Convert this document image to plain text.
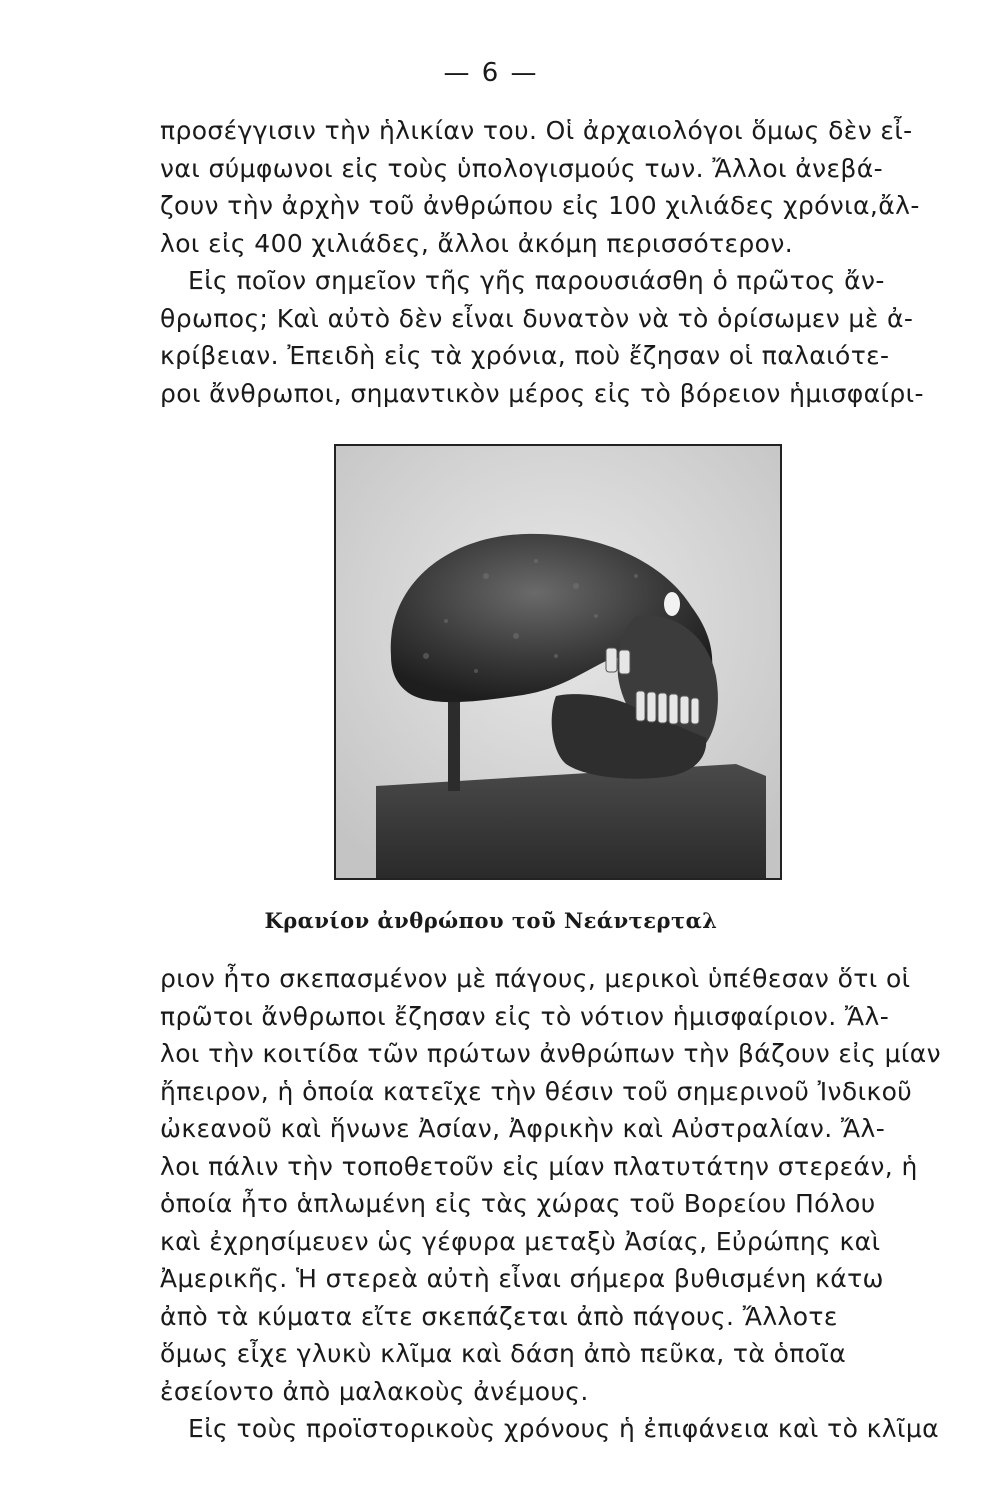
— 6 —
προσέγγισιν τὴν ἡλικίαν του. Οἱ ἀρχαιολόγοι ὅμως δὲν εἶ-
ναι σύμφωνοι εἰς τοὺς ὑπολογισμούς των. Ἄλλοι ἀνεβά-
ζουν τὴν ἀρχὴν τοῦ ἀνθρώπου εἰς 100 χιλιάδες χρόνια,ἄλ-
λοι εἰς 400 χιλιάδες, ἄλλοι ἀκόμη περισσότερον.
Εἰς ποῖον σημεῖον τῆς γῆς παρουσιάσθη ὁ πρῶτος ἄν-
θρωπος; Καὶ αὐτὸ δὲν εἶναι δυνατὸν νὰ τὸ ὁρίσωμεν μὲ ἀ-
κρίβειαν. Ἐπειδὴ εἰς τὰ χρόνια, ποὺ ἔζησαν οἱ παλαιότε-
ροι ἄνθρωποι, σημαντικὸν μέρος εἰς τὸ βόρειον ἡμισφαίρι-
Κρανίον ἀνθρώπου τοῦ Νεάντερταλ
ριον ἦτο σκεπασμένον μὲ πάγους, μερικοὶ ὑπέθεσαν ὅτι οἱ
πρῶτοι ἄνθρωποι ἔζησαν εἰς τὸ νότιον ἡμισφαίριον. Ἄλ-
λοι τὴν κοιτίδα τῶν πρώτων ἀνθρώπων τὴν βάζουν εἰς μίαν
ἤπειρον, ἡ ὁποία κατεῖχε τὴν θέσιν τοῦ σημερινοῦ Ἰνδικοῦ
ὠκεανοῦ καὶ ἥνωνε Ἀσίαν, Ἀφρικὴν καὶ Αὐστραλίαν. Ἄλ-
λοι πάλιν τὴν τοποθετοῦν εἰς μίαν πλατυτάτην στερεάν, ἡ
ὁποία ἦτο ἁπλωμένη εἰς τὰς χώρας τοῦ Βορείου Πόλου
καὶ ἐχρησίμευεν ὡς γέφυρα μεταξὺ Ἀσίας, Εὐρώπης καὶ
Ἀμερικῆς. Ἡ στερεὰ αὐτὴ εἶναι σήμερα βυθισμένη κάτω
ἀπὸ τὰ κύματα εἴτε σκεπάζεται ἀπὸ πάγους. Ἄλλοτε
ὅμως εἶχε γλυκὺ κλῖμα καὶ δάση ἀπὸ πεῦκα, τὰ ὁποῖα
ἐσείοντο ἀπὸ μαλακοὺς ἀνέμους.
Εἰς τοὺς προϊστορικοὺς χρόνους ἡ ἐπιφάνεια καὶ τὸ κλῖμα
